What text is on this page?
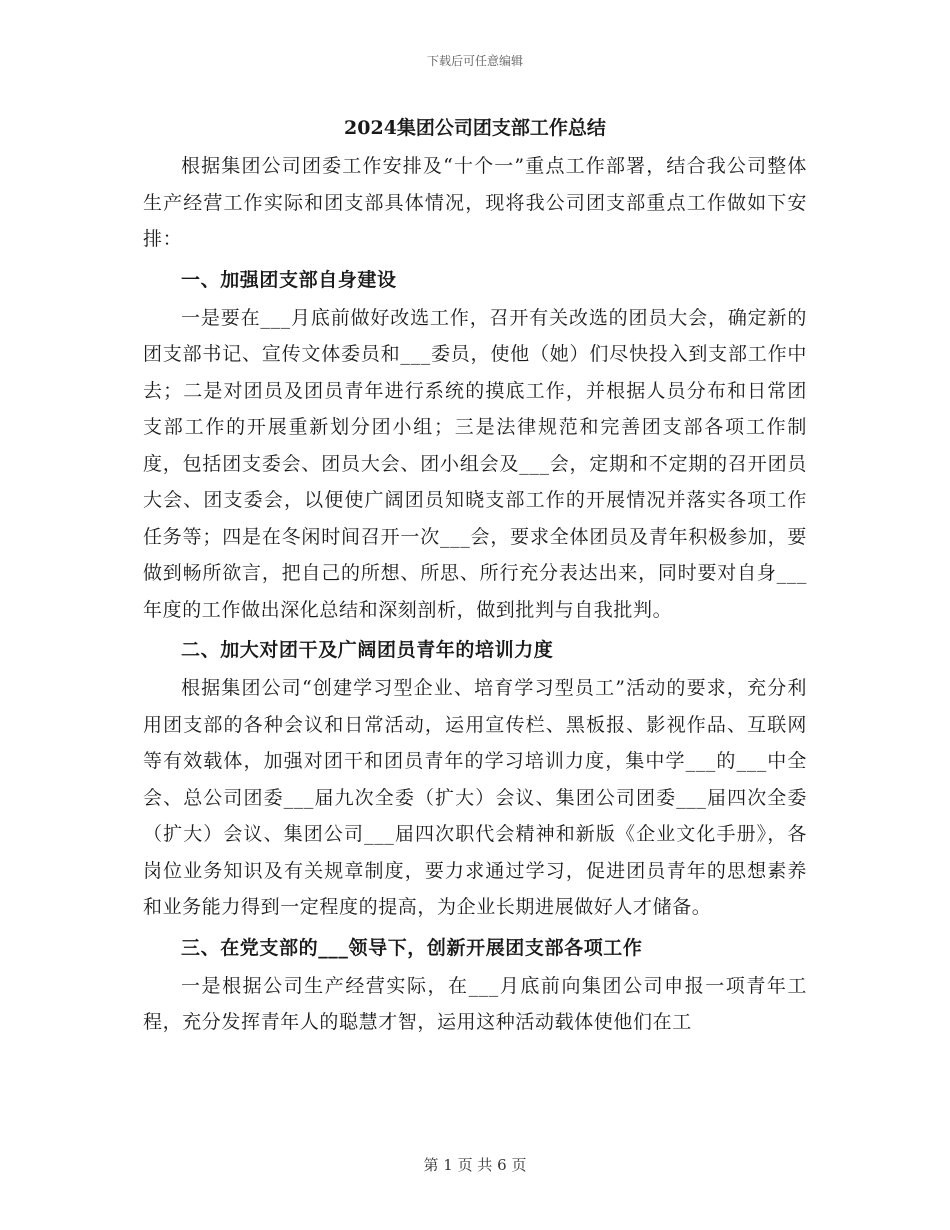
下载后可任意编辑
2024集团公司团支部工作总结

根据集团公司团委工作安排及“十个一”重点工作部署，结合我公司整体生产经营工作实际和团支部具体情况，现将我公司团支部重点工作做如下安排：

一、加强团支部自身建设

一是要在___月底前做好改选工作，召开有关改选的团员大会，确定新的团支部书记、宣传文体委员和___委员，使他（她）们尽快投入到支部工作中去；二是对团员及团员青年进行系统的摸底工作，并根据人员分布和日常团支部工作的开展重新划分团小组；三是法律规范和完善团支部各项工作制度，包括团支委会、团员大会、团小组会及___会，定期和不定期的召开团员大会、团支委会，以便使广阔团员知晓支部工作的开展情况并落实各项工作任务等；四是在冬闲时间召开一次___会，要求全体团员及青年积极参加，要做到畅所欲言，把自己的所想、所思、所行充分表达出来，同时要对自身___年度的工作做出深化总结和深刻剖析，做到批判与自我批判。

二、加大对团干及广阔团员青年的培训力度

根据集团公司“创建学习型企业、培育学习型员工”活动的要求，充分利用团支部的各种会议和日常活动，运用宣传栏、黑板报、影视作品、互联网等有效载体，加强对团干和团员青年的学习培训力度，集中学___的___中全会、总公司团委___届九次全委（扩大）会议、集团公司团委___届四次全委（扩大）会议、集团公司___届四次职代会精神和新版《企业文化手册》，各岗位业务知识及有关规章制度，要力求通过学习，促进团员青年的思想素养和业务能力得到一定程度的提高，为企业长期进展做好人才储备。

三、在党支部的___领导下，创新开展团支部各项工作

一是根据公司生产经营实际，在___月底前向集团公司申报一项青年工程，充分发挥青年人的聪慧才智，运用这种活动载体使他们在工

第 1 页 共 6 页
